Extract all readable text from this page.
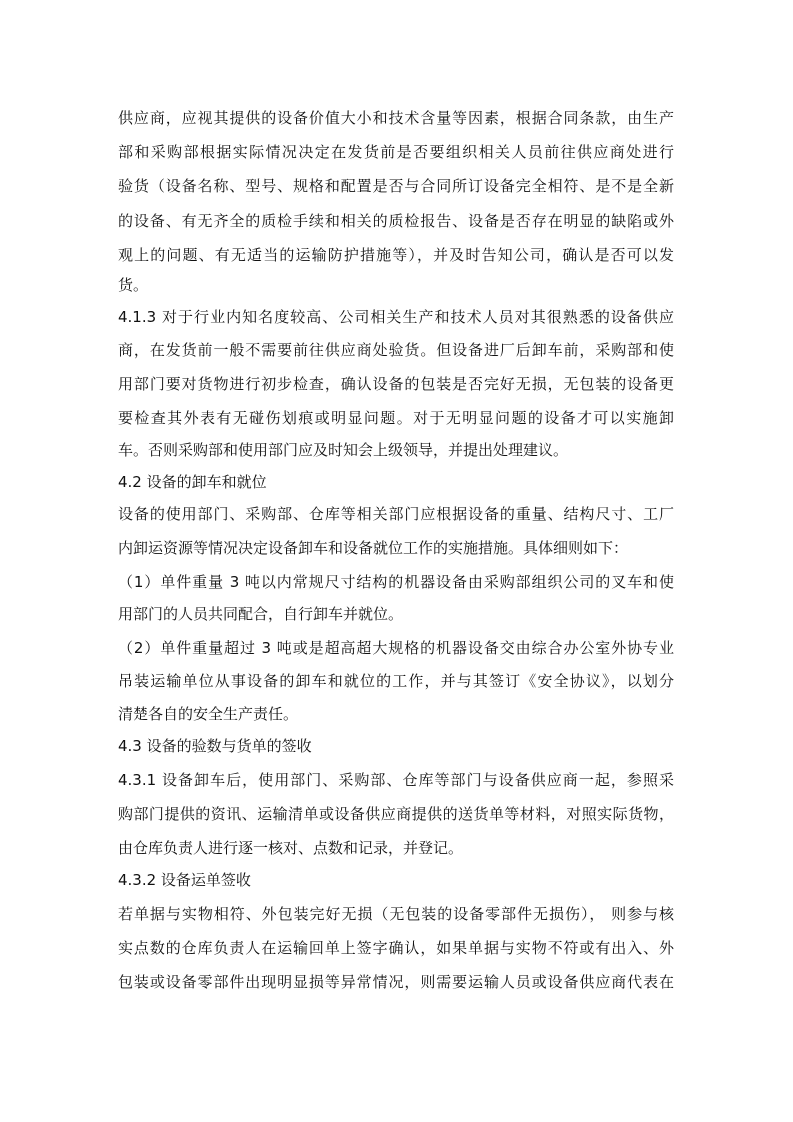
供应商，应视其提供的设备价值大小和技术含量等因素，根据合同条款，由生产
部和采购部根据实际情况决定在发货前是否要组织相关人员前往供应商处进行
验货（设备名称、型号、规格和配置是否与合同所订设备完全相符、是不是全新
的设备、有无齐全的质检手续和相关的质检报告、设备是否存在明显的缺陷或外
观上的问题、有无适当的运输防护措施等），并及时告知公司，确认是否可以发
货。
4.1.3 对于行业内知名度较高、公司相关生产和技术人员对其很熟悉的设备供应
商，在发货前一般不需要前往供应商处验货。但设备进厂后卸车前，采购部和使
用部门要对货物进行初步检查，确认设备的包装是否完好无损，无包装的设备更
要检查其外表有无碰伤划痕或明显问题。对于无明显问题的设备才可以实施卸
车。否则采购部和使用部门应及时知会上级领导，并提出处理建议。
4.2 设备的卸车和就位
设备的使用部门、采购部、仓库等相关部门应根据设备的重量、结构尺寸、工厂
内卸运资源等情况决定设备卸车和设备就位工作的实施措施。具体细则如下：
（1）单件重量 3 吨以内常规尺寸结构的机器设备由采购部组织公司的叉车和使
用部门的人员共同配合，自行卸车并就位。
（2）单件重量超过 3 吨或是超高超大规格的机器设备交由综合办公室外协专业
吊装运输单位从事设备的卸车和就位的工作，并与其签订《安全协议》，以划分
清楚各自的安全生产责任。
4.3 设备的验数与货单的签收
4.3.1 设备卸车后，使用部门、采购部、仓库等部门与设备供应商一起，参照采
购部门提供的资讯、运输清单或设备供应商提供的送货单等材料，对照实际货物，
由仓库负责人进行逐一核对、点数和记录，并登记。
4.3.2 设备运单签收
若单据与实物相符、外包装完好无损（无包装的设备零部件无损伤）， 则参与核
实点数的仓库负责人在运输回单上签字确认，如果单据与实物不符或有出入、外
包装或设备零部件出现明显损等异常情况，则需要运输人员或设备供应商代表在
